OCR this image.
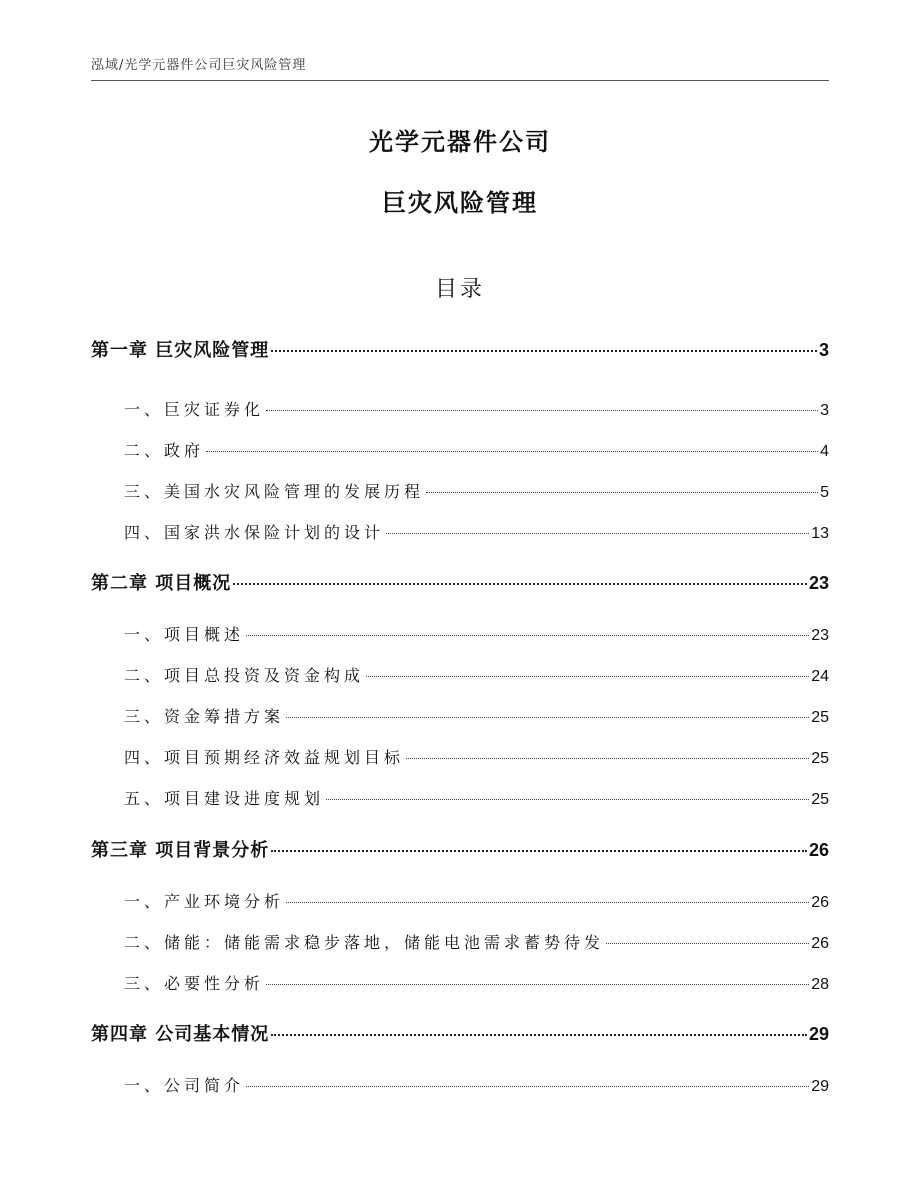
泓域/光学元器件公司巨灾风险管理
光学元器件公司
巨灾风险管理
目录
第一章 巨灾风险管理	3
一、巨灾证券化	3
二、政府	4
三、美国水灾风险管理的发展历程	5
四、国家洪水保险计划的设计	13
第二章 项目概况	23
一、项目概述	23
二、项目总投资及资金构成	24
三、资金筹措方案	25
四、项目预期经济效益规划目标	25
五、项目建设进度规划	25
第三章 项目背景分析	26
一、产业环境分析	26
二、储能：储能需求稳步落地，储能电池需求蓄势待发	26
三、必要性分析	28
第四章 公司基本情况	29
一、公司简介	29
